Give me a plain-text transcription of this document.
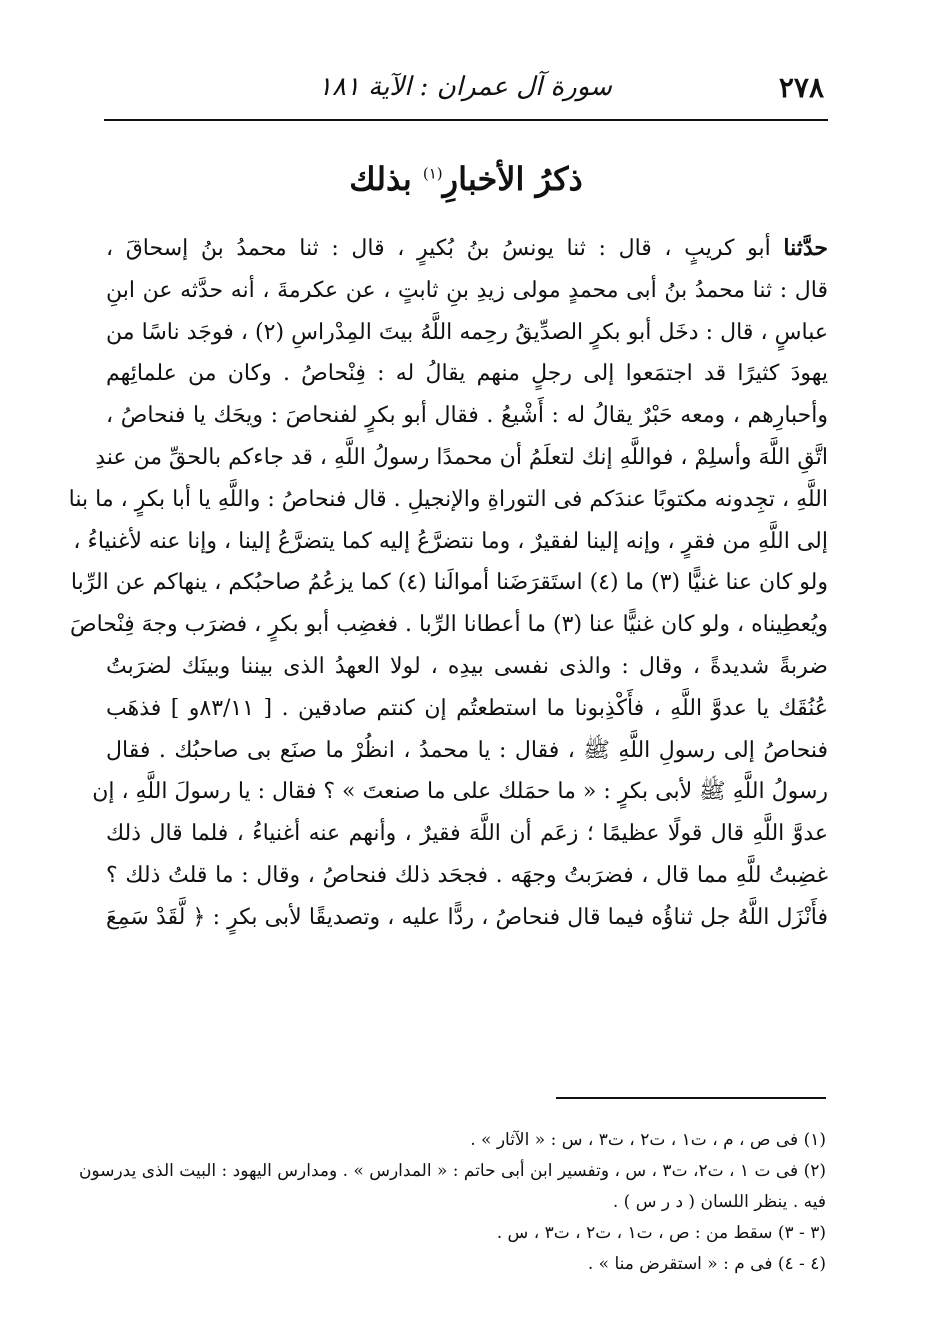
٢٧٨
سورة آل عمران : الآية ١٨١
ذكرُ الأخبارِ$^{(١)}$ بذلك
حدَّثنا أبو كريبٍ ، قال : ثنا يونسُ بنُ بُكيرٍ ، قال : ثنا محمدُ بنُ إسحاقَ ،
قال : ثنا محمدُ بنُ أبى محمدٍ مولى زيدِ بنِ ثابتٍ ، عن عكرمةَ ، أنه حدَّثه عن ابنِ
عباسٍ ، قال : دخَل أبو بكرٍ الصدِّيقُ رحِمه اللَّهُ بيتَ المِدْراسِ (٢) ، فوجَد ناسًا من
يهودَ كثيرًا قد اجتمَعوا إلى رجلٍ منهم يقالُ له : فِنْحاصُ . وكان من علمائِهم
وأحبارِهم ، ومعه حَبْرٌ يقالُ له : أَشْيعُ . فقال أبو بكرٍ لفنحاصَ : ويحَك يا فنحاصُ ،
اتَّقِ اللَّهَ وأسلِمْ ، فواللَّهِ إنك لتعلَمُ أن محمدًا رسولُ اللَّهِ ، قد جاءكم بالحقِّ من عندِ
اللَّهِ ، تجِدونه مكتوبًا عندَكم فى التوراةِ والإنجيلِ . قال فنحاصُ : واللَّهِ يا أبا بكرٍ ، ما بنا
إلى اللَّهِ من فقرٍ ، وإنه إلينا لفقيرٌ ، وما نتضرَّعُ إليه كما يتضرَّعُ إلينا ، وإنا عنه لأغنياءُ ،
ولو كان عنا غنيًّا (٣) ما (٤) استَقرَضَنا أموالَنا (٤) كما يزعُمُ صاحبُكم ، ينهاكم عن الرِّبا
ويُعطِيناه ، ولو كان غنيًّا عنا (٣) ما أعطانا الرِّبا . فغضِب أبو بكرٍ ، فضرَب وجهَ فِنْحاصَ
ضربةً شديدةً ، وقال : والذى نفسى بيدِه ، لولا العهدُ الذى بيننا وبينَك لضرَبتُ
عُنُقَك يا عدوَّ اللَّهِ ، فأَكْذِبونا ما استطعتُم إن كنتم صادقين . [ ٨٣/١١و ] فذهَب
فنحاصُ إلى رسولِ اللَّهِ ﷺ ، فقال : يا محمدُ ، انظُرْ ما صنَع بى صاحبُك . فقال
رسولُ اللَّهِ ﷺ لأبى بكرٍ : « ما حمَلك على ما صنعتَ » ؟ فقال : يا رسولَ اللَّهِ ، إن
عدوَّ اللَّهِ قال قولًا عظيمًا ؛ زعَم أن اللَّهَ فقيرٌ ، وأنهم عنه أغنياءُ ، فلما قال ذلك
غضِبتُ للَّهِ مما قال ، فضرَبتُ وجهَه . فجحَد ذلك فنحاصُ ، وقال : ما قلتُ ذلك ؟
فأَنْزَل اللَّهُ جل ثناؤُه فيما قال فنحاصُ ، ردًّا عليه ، وتصديقًا لأبى بكرٍ : ﴿ لَّقَدْ سَمِعَ
(١) فى ص ، م ، ت١ ، ت٢ ، ت٣ ، س : « الآثار » .
(٢) فى ت ١ ، ت٢، ت٣ ، س ، وتفسير ابن أبى حاتم : « المدارس » . ومدارس اليهود : البيت الذى يدرسون
فيه . ينظر اللسان ( د ر س ) .
(٣ - ٣) سقط من : ص ، ت١ ، ت٢ ، ت٣ ، س .
(٤ - ٤) فى م : « استقرض منا » .
